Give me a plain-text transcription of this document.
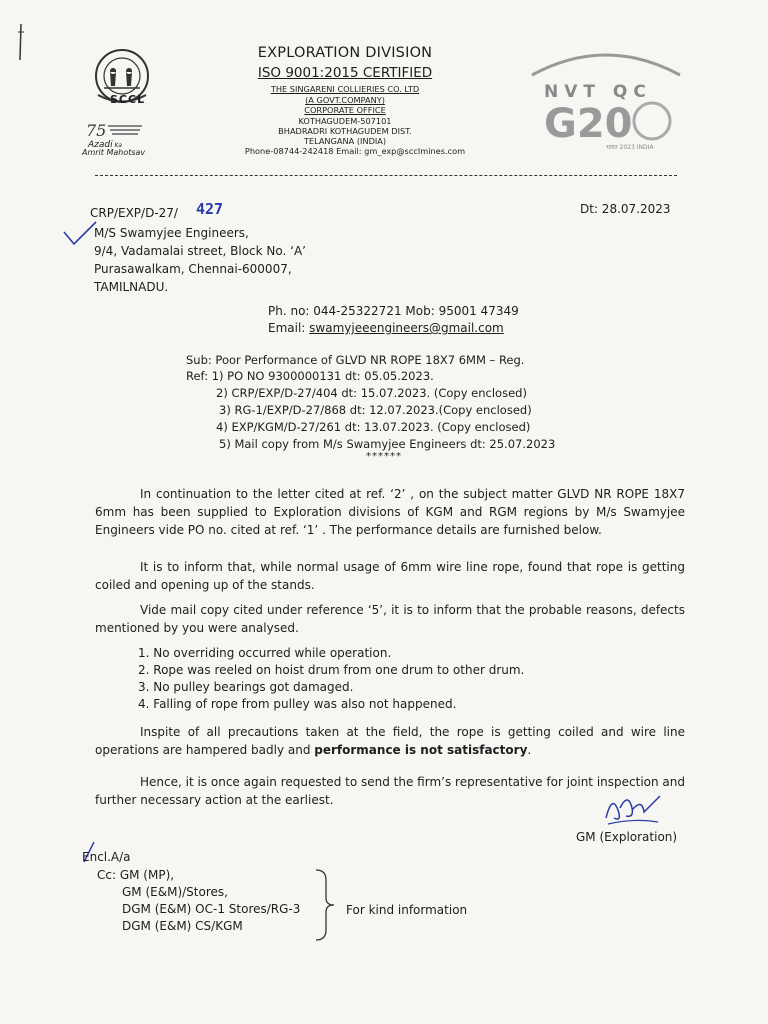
SCCL
75
Azadi Ka
Amrit Mahotsav
EXPLORATION DIVISION
ISO 9001:2015 CERTIFIED
THE SINGARENI COLLIERIES CO. LTD
(A GOVT.COMPANY)
CORPORATE OFFICE
KOTHAGUDEM-507101
BHADRADRI KOTHAGUDEM DIST.
TELANGANA (INDIA)
Phone-08744-242418 Email: gm_exp@sccImines.com
NVT QC
G20
भारत 2023 INDIA
CRP/EXP/D-27/ 427	Dt: 28.07.2023
M/S Swamyjee Engineers,
9/4, Vadamalai street, Block No. ‘A’
Purasawalkam, Chennai-600007,
TAMILNADU.
Ph. no: 044-25322721 Mob: 95001 47349
Email: swamyjeeengineers@gmail.com
Sub: Poor Performance of GLVD NR ROPE 18X7 6MM – Reg.
Ref: 1) PO NO 9300000131 dt: 05.05.2023.
2) CRP/EXP/D-27/404 dt: 15.07.2023. (Copy enclosed)
3) RG-1/EXP/D-27/868 dt: 12.07.2023.(Copy enclosed)
4) EXP/KGM/D-27/261 dt: 13.07.2023. (Copy enclosed)
5) Mail copy from M/s Swamyjee Engineers dt: 25.07.2023
******
In continuation to the letter cited at ref. ‘2’ , on the subject matter GLVD NR ROPE 18X7 6mm has been supplied to Exploration divisions of KGM and RGM regions by M/s Swamyjee Engineers vide PO no. cited at ref. ‘1’ . The performance details are furnished below.
It is to inform that, while normal usage of 6mm wire line rope, found that rope is getting coiled and opening up of the stands.
Vide mail copy cited under reference ‘5’, it is to inform that the probable reasons, defects mentioned by you were analysed.
1. No overriding occurred while operation.
2. Rope was reeled on hoist drum from one drum to other drum.
3. No pulley bearings got damaged.
4. Falling of rope from pulley was also not happened.
Inspite of all precautions taken at the field, the rope is getting coiled and wire line operations are hampered badly and performance is not satisfactory.
Hence, it is once again requested to send the firm’s representative for joint inspection and further necessary action at the earliest.
GM (Exploration)
Encl.A/a
Cc: GM (MP),
GM (E&M)/Stores,
DGM (E&M) OC-1 Stores/RG-3
DGM (E&M) CS/KGM
For kind information
